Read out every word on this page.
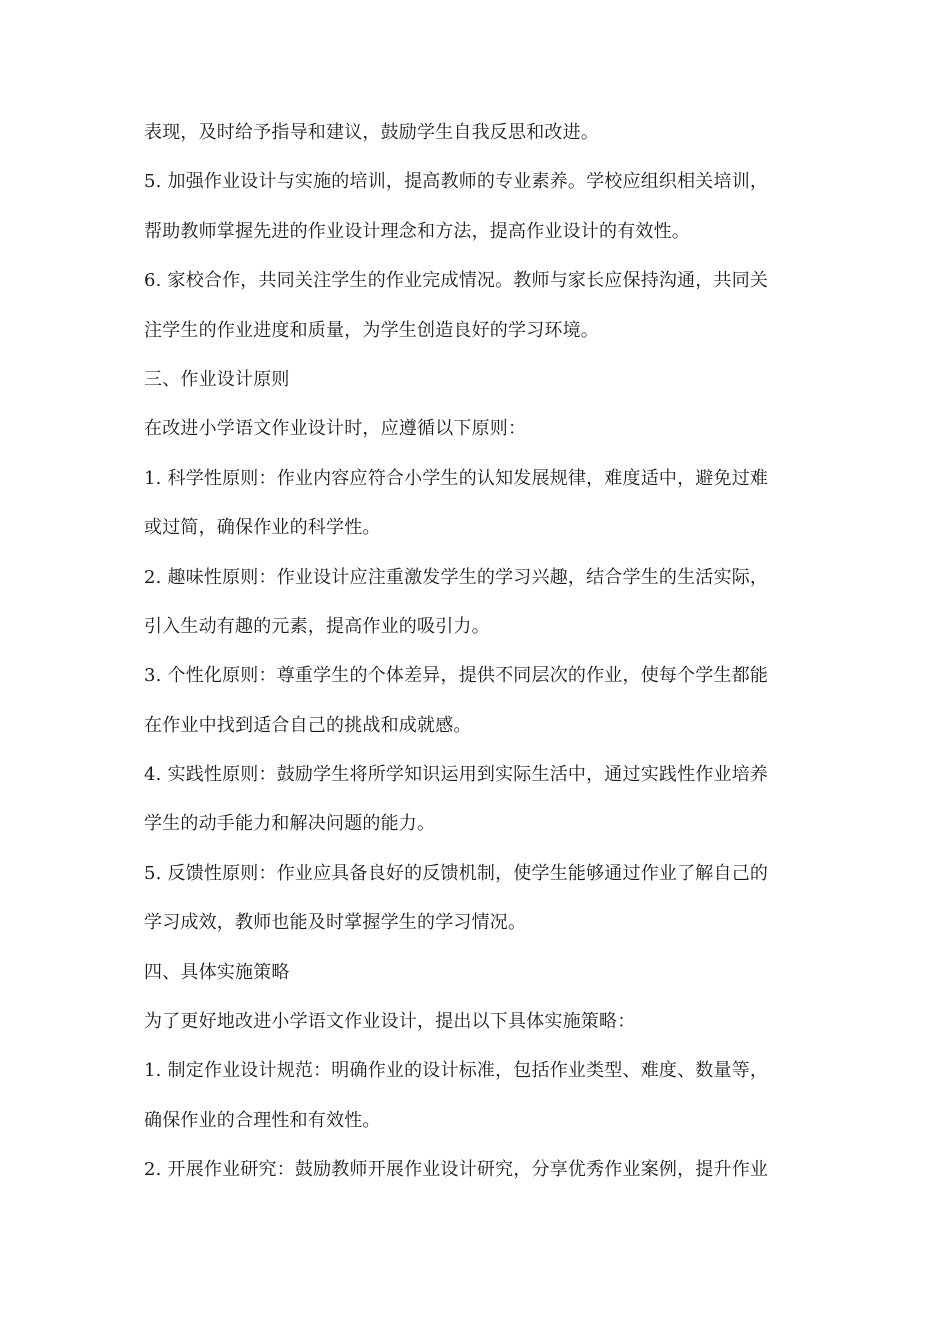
表现，及时给予指导和建议，鼓励学生自我反思和改进。
5. 加强作业设计与实施的培训，提高教师的专业素养。学校应组织相关培训，
帮助教师掌握先进的作业设计理念和方法，提高作业设计的有效性。
6. 家校合作，共同关注学生的作业完成情况。教师与家长应保持沟通，共同关
注学生的作业进度和质量，为学生创造良好的学习环境。
三、作业设计原则
在改进小学语文作业设计时，应遵循以下原则：
1. 科学性原则：作业内容应符合小学生的认知发展规律，难度适中，避免过难
或过简，确保作业的科学性。
2. 趣味性原则：作业设计应注重激发学生的学习兴趣，结合学生的生活实际，
引入生动有趣的元素，提高作业的吸引力。
3. 个性化原则：尊重学生的个体差异，提供不同层次的作业，使每个学生都能
在作业中找到适合自己的挑战和成就感。
4. 实践性原则：鼓励学生将所学知识运用到实际生活中，通过实践性作业培养
学生的动手能力和解决问题的能力。
5. 反馈性原则：作业应具备良好的反馈机制，使学生能够通过作业了解自己的
学习成效，教师也能及时掌握学生的学习情况。
四、具体实施策略
为了更好地改进小学语文作业设计，提出以下具体实施策略：
1. 制定作业设计规范：明确作业的设计标准，包括作业类型、难度、数量等，
确保作业的合理性和有效性。
2. 开展作业研究：鼓励教师开展作业设计研究，分享优秀作业案例，提升作业
